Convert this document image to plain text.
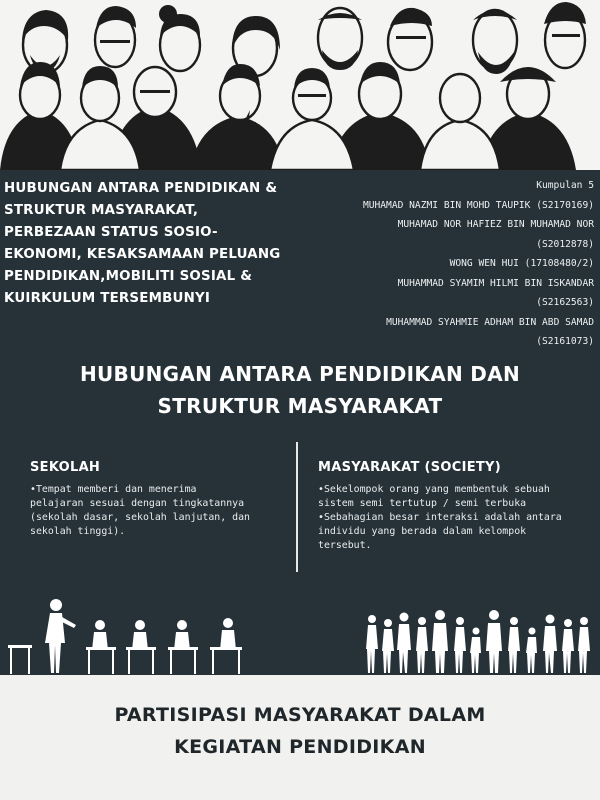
HUBUNGAN ANTARA PENDIDIKAN &
STRUKTUR MASYARAKAT,
PERBEZAAN STATUS SOSIO-
EKONOMI, KESAKSAMAAN PELUANG
PENDIDIKAN,MOBILITI SOSIAL &
KUIRKULUM TERSEMBUNYI
Kumpulan 5
MUHAMAD NAZMI BIN MOHD TAUPIK (S2170169)
MUHAMAD NOR HAFIEZ BIN MUHAMAD NOR
(S2012878)
WONG WEN HUI (17108480/2)
MUHAMMAD SYAMIM HILMI BIN ISKANDAR
(S2162563)
MUHAMMAD SYAHMIE ADHAM BIN ABD SAMAD
(S2161073)
HUBUNGAN ANTARA PENDIDIKAN DAN
STRUKTUR MASYARAKAT
SEKOLAH

•Tempat memberi dan menerima
pelajaran sesuai dengan tingkatannya
(sekolah dasar, sekolah lanjutan, dan
sekolah tinggi).

MASYARAKAT (SOCIETY)

•Sekelompok orang yang membentuk sebuah
sistem semi tertutup / semi terbuka
•Sebahagian besar interaksi adalah antara
individu yang berada dalam kelompok
tersebut.

PARTISIPASI MASYARAKAT DALAM
KEGIATAN PENDIDIKAN
